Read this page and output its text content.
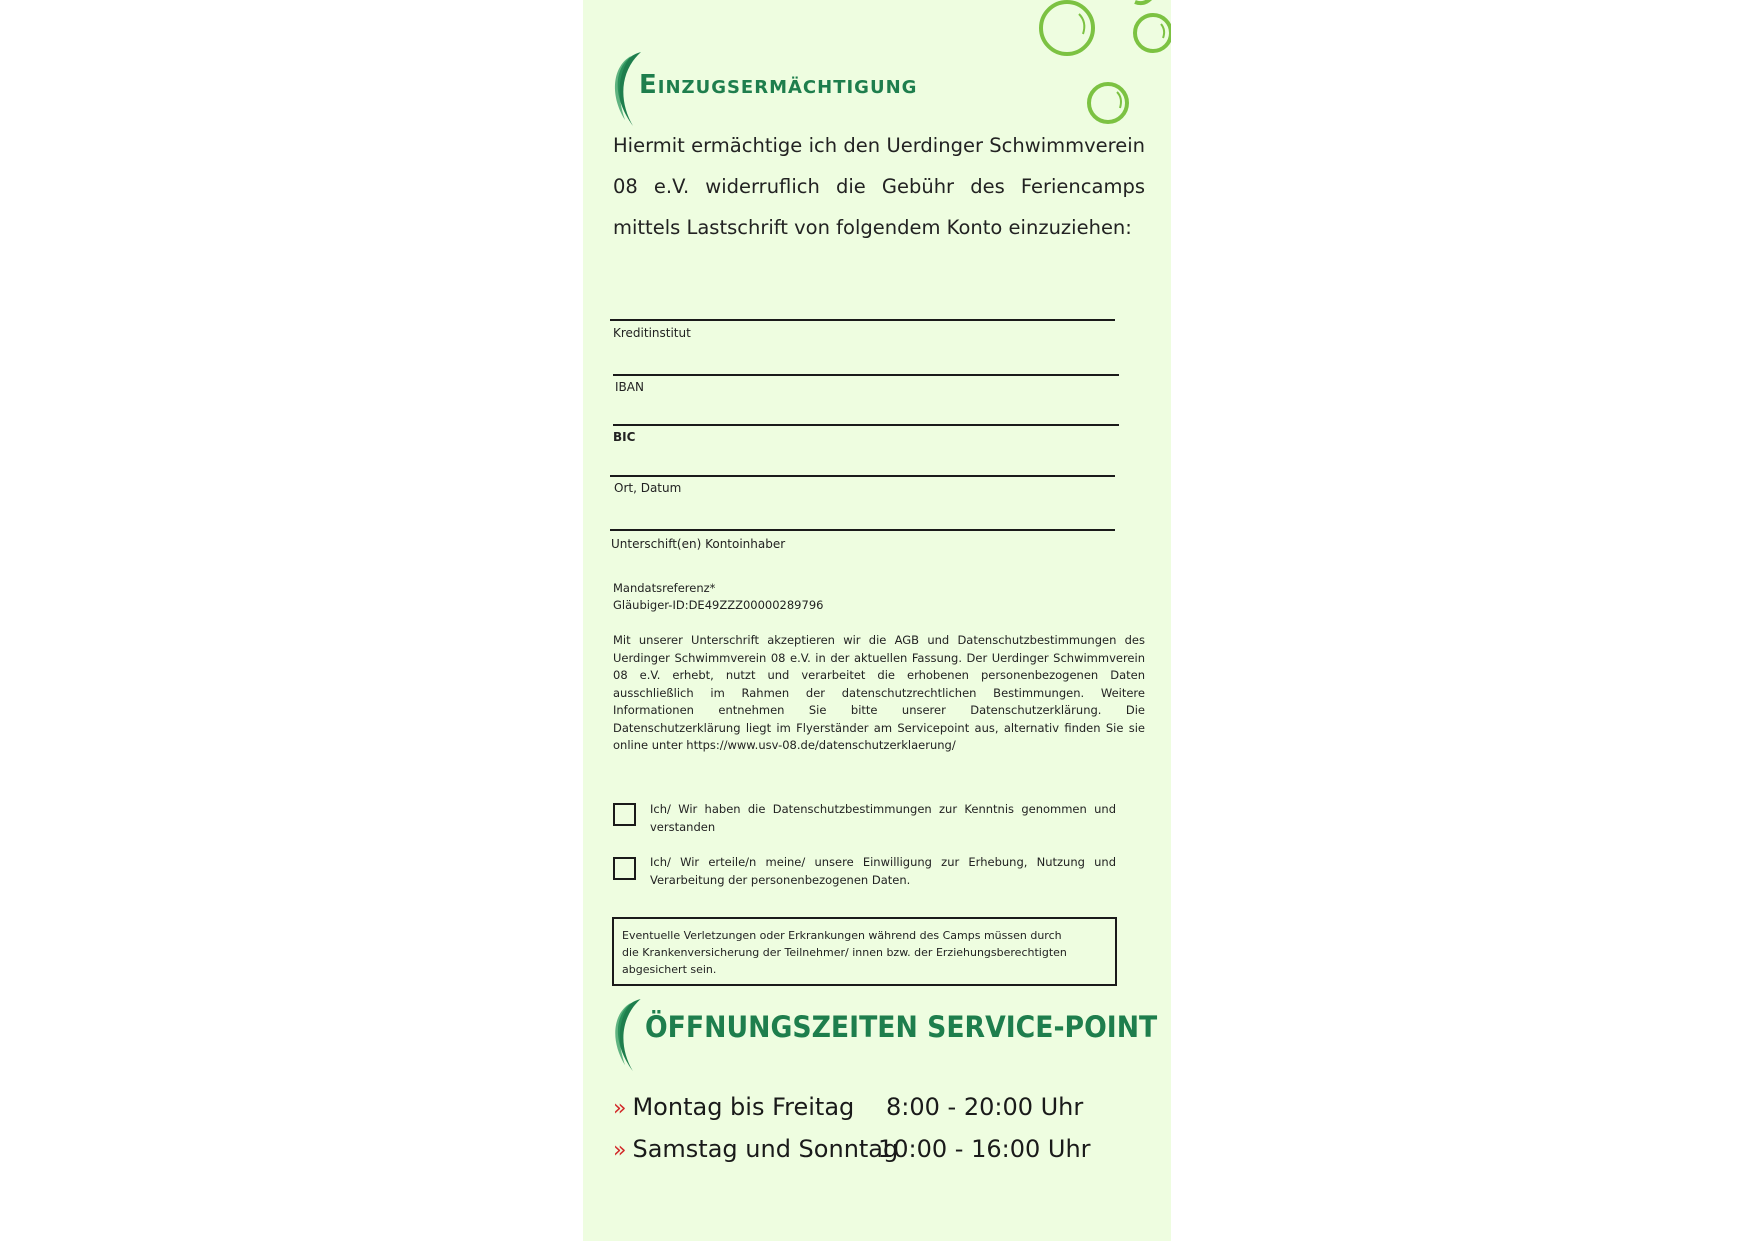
Einzugsermächtigung
Hiermit ermächtige ich den Uerdinger Schwimmverein 08 e.V. widerruflich die Gebühr des Feriencamps mittels Lastschrift von folgendem Konto einzuziehen:
Kreditinstitut
IBAN
BIC
Ort, Datum
Unterschift(en) Kontoinhaber
Mandatsreferenz*
Gläubiger-ID:DE49ZZZ00000289796
Mit unserer Unterschrift akzeptieren wir die AGB und Datenschutzbestimmungen des Uerdinger Schwimmverein 08 e.V. in der aktuellen Fassung. Der Uerdinger Schwimmverein 08 e.V. erhebt, nutzt und verarbeitet die erhobenen personenbezogenen Daten ausschließlich im Rahmen der datenschutzrechtlichen Bestimmungen. Weitere Informationen entnehmen Sie bitte unserer Datenschutzerklärung. Die Datenschutzerklärung liegt im Flyerständer am Servicepoint aus, alternativ finden Sie sie online unter https://www.usv-08.de/datenschutzerklaerung/
Ich/ Wir haben die Datenschutzbestimmungen zur Kenntnis genommen und verstanden
Ich/ Wir erteile/n meine/ unsere Einwilligung zur Erhebung, Nutzung und Verarbeitung der personenbezogenen Daten.
Eventuelle Verletzungen oder Erkrankungen während des Camps müssen durch
die Krankenversicherung der Teilnehmer/ innen bzw. der Erziehungsberechtigten
abgesichert sein.
ÖFFNUNGSZEITEN SERVICE-POINT
» Montag bis Freitag 8:00 - 20:00 Uhr
» Samstag und Sonntag
10:00 - 16:00 Uhr
